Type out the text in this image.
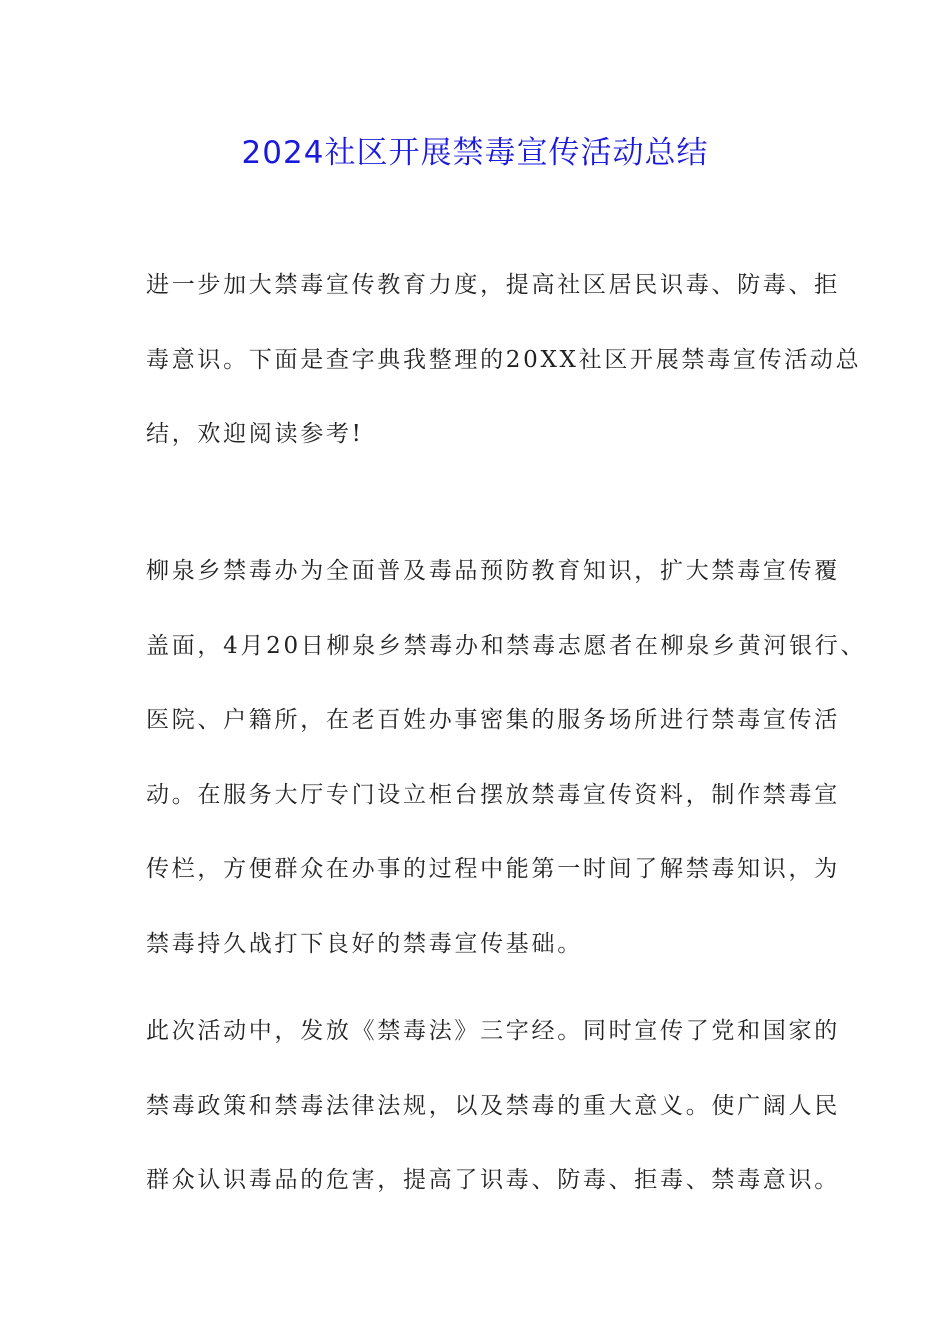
2024社区开展禁毒宣传活动总结

进一步加大禁毒宣传教育力度，提高社区居民识毒、防毒、拒
毒意识。下面是查字典我整理的20XX社区开展禁毒宣传活动总
结，欢迎阅读参考!

柳泉乡禁毒办为全面普及毒品预防教育知识，扩大禁毒宣传覆
盖面，4月20日柳泉乡禁毒办和禁毒志愿者在柳泉乡黄河银行、
医院、户籍所，在老百姓办事密集的服务场所进行禁毒宣传活
动。在服务大厅专门设立柜台摆放禁毒宣传资料，制作禁毒宣
传栏，方便群众在办事的过程中能第一时间了解禁毒知识，为
禁毒持久战打下良好的禁毒宣传基础。

此次活动中，发放《禁毒法》三字经。同时宣传了党和国家的
禁毒政策和禁毒法律法规，以及禁毒的重大意义。使广阔人民
群众认识毒品的危害，提高了识毒、防毒、拒毒、禁毒意识。
